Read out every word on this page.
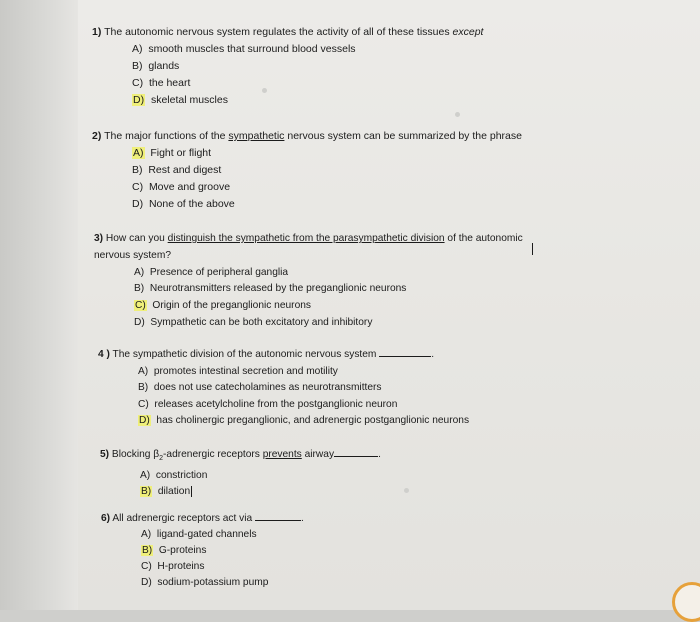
1) The autonomic nervous system regulates the activity of all of these tissues except
A) smooth muscles that surround blood vessels
B) glands
C) the heart
D) skeletal muscles
2) The major functions of the sympathetic nervous system can be summarized by the phrase
A) Fight or flight
B) Rest and digest
C) Move and groove
D) None of the above
3) How can you distinguish the sympathetic from the parasympathetic division of the autonomic
nervous system?
A) Presence of peripheral ganglia
B) Neurotransmitters released by the preganglionic neurons
C) Origin of the preganglionic neurons
D) Sympathetic can be both excitatory and inhibitory
4 ) The sympathetic division of the autonomic nervous system	.
A) promotes intestinal secretion and motility
B) does not use catecholamines as neurotransmitters
C) releases acetylcholine from the postganglionic neuron
D) has cholinergic preganglionic, and adrenergic postganglionic neurons
5) Blocking $\beta_2$-adrenergic receptors prevents airway	.
A) constriction
B) dilation
6) All adrenergic receptors act via	.
A) ligand-gated channels
B) G-proteins
C) H-proteins
D) sodium-potassium pump
